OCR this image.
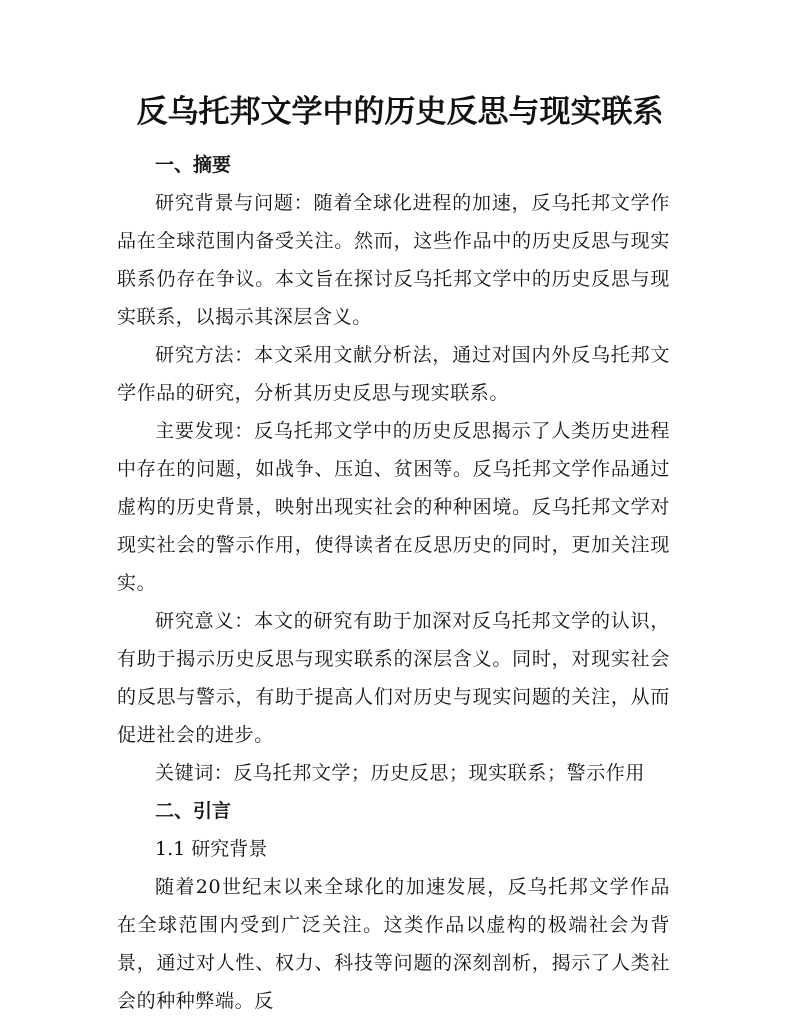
反乌托邦文学中的历史反思与现实联系
一、摘要

研究背景与问题：随着全球化进程的加速，反乌托邦文学作品在全球范围内备受关注。然而，这些作品中的历史反思与现实联系仍存在争议。本文旨在探讨反乌托邦文学中的历史反思与现实联系，以揭示其深层含义。

研究方法：本文采用文献分析法，通过对国内外反乌托邦文学作品的研究，分析其历史反思与现实联系。

主要发现：反乌托邦文学中的历史反思揭示了人类历史进程中存在的问题，如战争、压迫、贫困等。反乌托邦文学作品通过虚构的历史背景，映射出现实社会的种种困境。反乌托邦文学对现实社会的警示作用，使得读者在反思历史的同时，更加关注现实。

研究意义：本文的研究有助于加深对反乌托邦文学的认识，有助于揭示历史反思与现实联系的深层含义。同时，对现实社会的反思与警示，有助于提高人们对历史与现实问题的关注，从而促进社会的进步。

关键词：反乌托邦文学；历史反思；现实联系；警示作用

二、引言

1.1 研究背景

随着20世纪末以来全球化的加速发展，反乌托邦文学作品在全球范围内受到广泛关注。这类作品以虚构的极端社会为背景，通过对人性、权力、科技等问题的深刻剖析，揭示了人类社会的种种弊端。反
